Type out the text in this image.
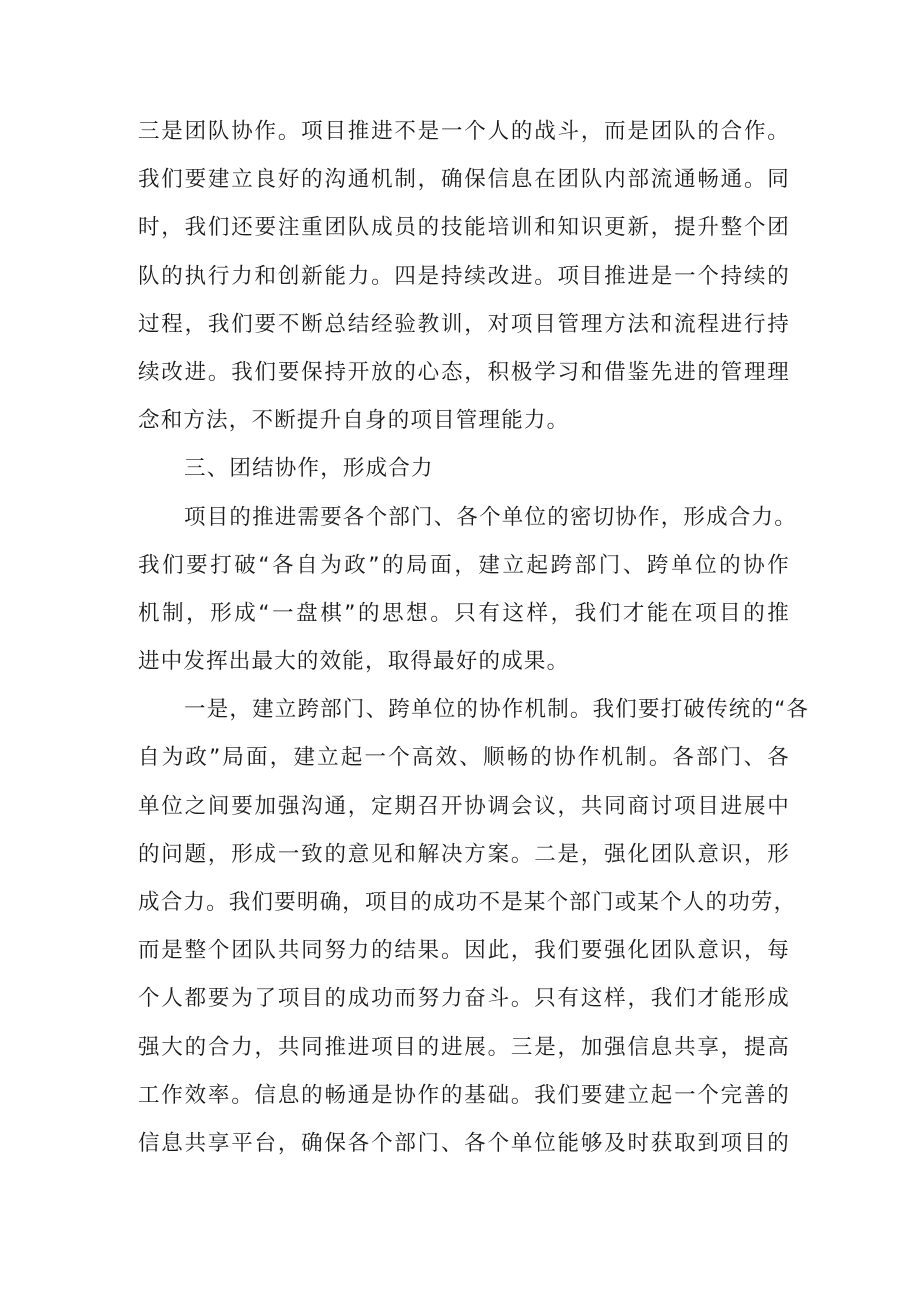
三是团队协作。项目推进不是一个人的战斗，而是团队的合作。
我们要建立良好的沟通机制，确保信息在团队内部流通畅通。同
时，我们还要注重团队成员的技能培训和知识更新，提升整个团
队的执行力和创新能力。四是持续改进。项目推进是一个持续的
过程，我们要不断总结经验教训，对项目管理方法和流程进行持
续改进。我们要保持开放的心态，积极学习和借鉴先进的管理理
念和方法，不断提升自身的项目管理能力。
三、团结协作，形成合力
项目的推进需要各个部门、各个单位的密切协作，形成合力。
我们要打破“各自为政”的局面，建立起跨部门、跨单位的协作
机制，形成“一盘棋”的思想。只有这样，我们才能在项目的推
进中发挥出最大的效能，取得最好的成果。
一是，建立跨部门、跨单位的协作机制。我们要打破传统的“各
自为政”局面，建立起一个高效、顺畅的协作机制。各部门、各
单位之间要加强沟通，定期召开协调会议，共同商讨项目进展中
的问题，形成一致的意见和解决方案。二是，强化团队意识，形
成合力。我们要明确，项目的成功不是某个部门或某个人的功劳，
而是整个团队共同努力的结果。因此，我们要强化团队意识，每
个人都要为了项目的成功而努力奋斗。只有这样，我们才能形成
强大的合力，共同推进项目的进展。三是，加强信息共享，提高
工作效率。信息的畅通是协作的基础。我们要建立起一个完善的
信息共享平台，确保各个部门、各个单位能够及时获取到项目的
